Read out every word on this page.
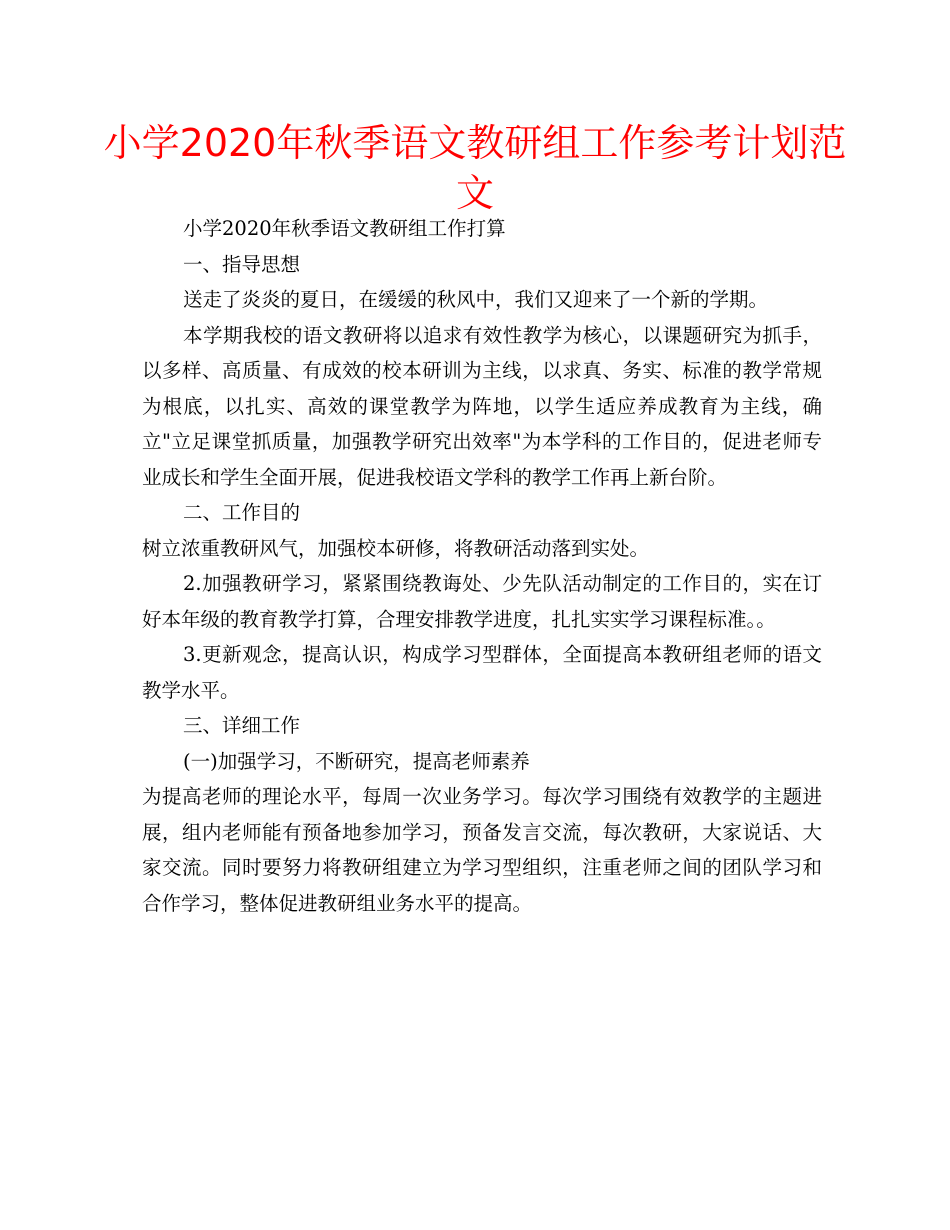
小学2020年秋季语文教研组工作参考计划范文

小学2020年秋季语文教研组工作打算

一、指导思想

送走了炎炎的夏日，在缓缓的秋风中，我们又迎来了一个新的学期。

本学期我校的语文教研将以追求有效性教学为核心，以课题研究为抓手，以多样、高质量、有成效的校本研训为主线，以求真、务实、标准的教学常规为根底，以扎实、高效的课堂教学为阵地，以学生适应养成教育为主线，确立"立足课堂抓质量，加强教学研究出效率"为本学科的工作目的，促进老师专业成长和学生全面开展，促进我校语文学科的教学工作再上新台阶。

二、工作目的

树立浓重教研风气，加强校本研修，将教研活动落到实处。

2.加强教研学习，紧紧围绕教诲处、少先队活动制定的工作目的，实在订好本年级的教育教学打算，合理安排教学进度，扎扎实实学习课程标准。。

3.更新观念，提高认识，构成学习型群体，全面提高本教研组老师的语文教学水平。

三、详细工作

(一)加强学习，不断研究，提高老师素养

为提高老师的理论水平，每周一次业务学习。每次学习围绕有效教学的主题进展，组内老师能有预备地参加学习，预备发言交流，每次教研，大家说话、大家交流。同时要努力将教研组建立为学习型组织，注重老师之间的团队学习和合作学习，整体促进教研组业务水平的提高。
